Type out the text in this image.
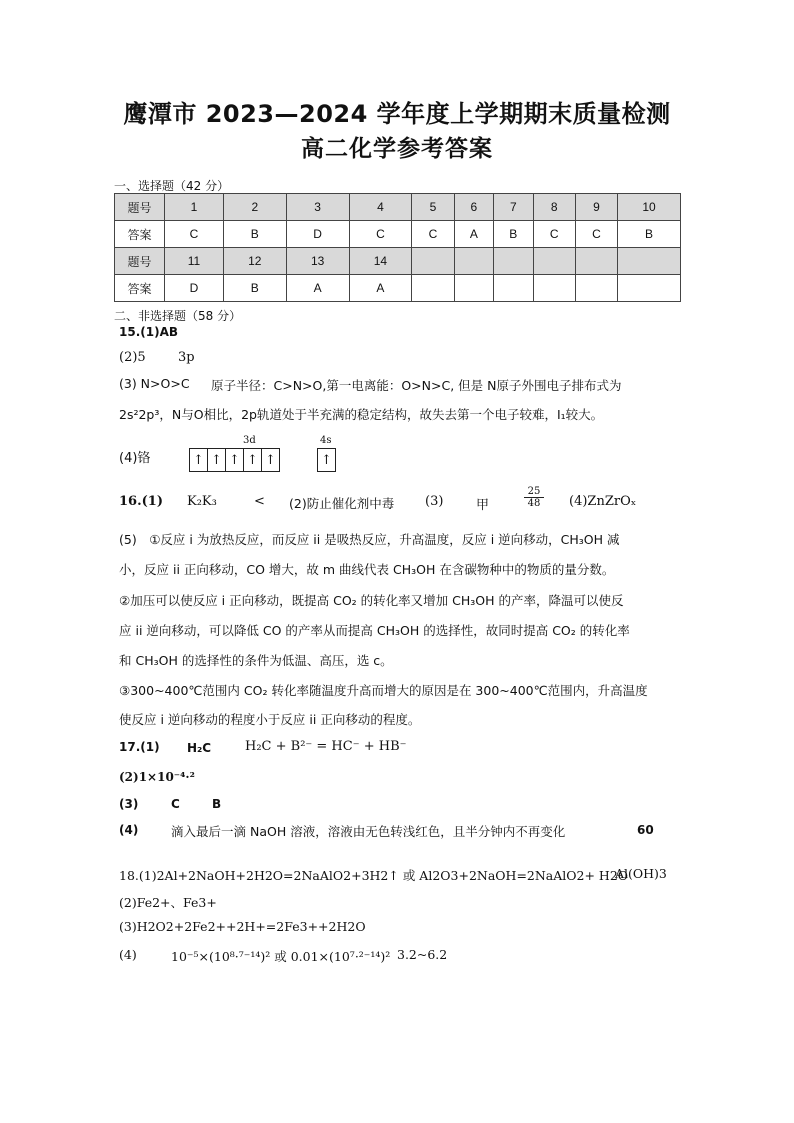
鹰潭市 2023—2024 学年度上学期期末质量检测
高二化学参考答案
一、选择题（42 分）
题号	1	2	3	4	5	6	7	8	9	10
答案	C	B	D	C	C	A	B	C	C	B
题号	11	12	13	14						
答案	D	B	A	A						
二、非选择题（58 分）
15.(1)AB
(2)5 3p
(3) N>O>C 原子半径：C>N>O,第一电离能：O>N>C, 但是 N原子外围电子排布式为
2s²2p³，N与O相比，2p轨道处于半充满的稳定结构，故失去第一个电子较难，I₁较大。
(4)铬
3d	4s
↑ ↑ ↑ ↑ ↑	↑
16.(1) K₂K₃	< (2)防止催化剂中毒 (3)	甲	$\frac{25}{48}$ (4)ZnZrOₓ
(5)　①反应 i 为放热反应，而反应 ii 是吸热反应，升高温度，反应 i 逆向移动，CH₃OH 减
小，反应 ii 正向移动，CO 增大，故 m 曲线代表 CH₃OH 在含碳物种中的物质的量分数。
②加压可以使反应 i 正向移动，既提高 CO₂ 的转化率又增加 CH₃OH 的产率，降温可以使反
应 ii 逆向移动，可以降低 CO 的产率从而提高 CH₃OH 的选择性，故同时提高 CO₂ 的转化率
和 CH₃OH 的选择性的条件为低温、高压，选 c。
③300~400℃范围内 CO₂ 转化率随温度升高而增大的原因是在 300~400℃范围内，升高温度
使反应 i 逆向移动的程度小于反应 ii 正向移动的程度。
17.(1) H₂C	H₂C + B²⁻ = HC⁻ + HB⁻
(2)1×10⁻⁴·²
(3)	C	B
(4)	滴入最后一滴 NaOH 溶液，溶液由无色转浅红色，且半分钟内不再变化	60
18.(1)2Al+2NaOH+2H2O=2NaAlO2+3H2↑ 或 Al2O3+2NaOH=2NaAlO2+ H2O
Al(OH)3
(2)Fe2+、Fe3+
(3)H2O2+2Fe2++2H+=2Fe3++2H2O
(4)	10⁻⁵×(10⁸·⁷⁻¹⁴)² 或 0.01×(10⁷·²⁻¹⁴)² 3.2~6.2
